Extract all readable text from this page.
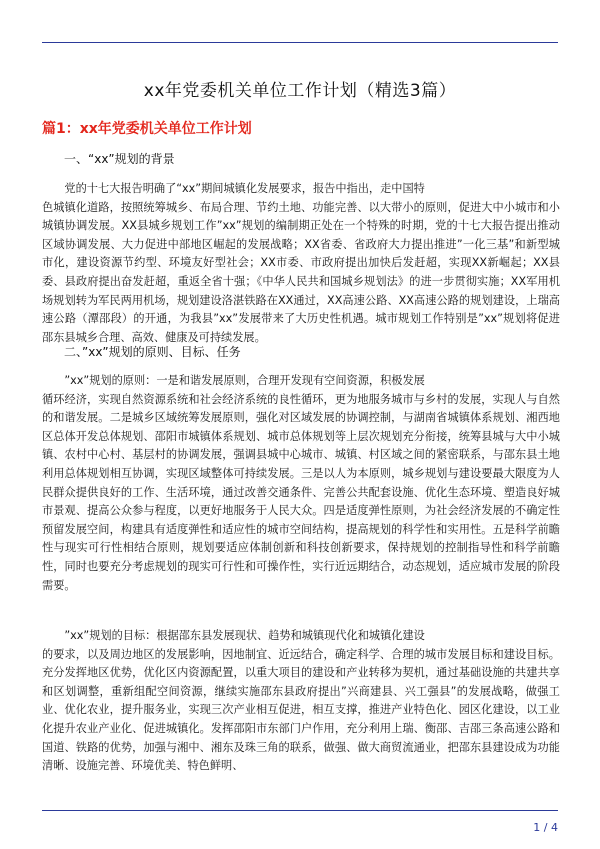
xx年党委机关单位工作计划（精选3篇）
篇1：xx年党委机关单位工作计划
一、“xx”规划的背景
　　党的十七大报告明确了“xx”期间城镇化发展要求，报告中指出，走中国特
色城镇化道路，按照统筹城乡、布局合理、节约土地、功能完善、以大带小的原则，促进大中小城市和小城镇协调发展。XX县城乡规划工作”xx”规划的编制期正处在一个特殊的时期，党的十七大报告提出推动区域协调发展、大力促进中部地区崛起的发展战略；XX省委、省政府大力提出推进”一化三基”和新型城市化，建设资源节约型、环境友好型社会；XX市委、市政府提出加快后发赶超，实现XX新崛起；XX县委、县政府提出奋发赶超，重返全省十强；《中华人民共和国城乡规划法》的进一步贯彻实施；XX军用机场规划转为军民两用机场，规划建设洛湛铁路在XX通过，XX高速公路、XX高速公路的规划建设，上瑞高速公路（潭邵段）的开通，为我县”xx”发展带来了大历史性机遇。城市规划工作特别是”xx”规划将促进邵东县城乡合理、高效、健康及可持续发展。
二、”xx”规划的原则、目标、任务
　　”xx”规划的原则：一是和谐发展原则，合理开发现有空间资源，积极发展
循环经济，实现自然资源系统和社会经济系统的良性循环，更为地服务城市与乡村的发展，实现人与自然的和谐发展。二是城乡区域统筹发展原则，强化对区域发展的协调控制，与湖南省城镇体系规划、湘西地区总体开发总体规划、邵阳市城镇体系规划、城市总体规划等上层次规划充分衔接，统筹县城与大中小城镇、农村中心村、基层村的协调发展，强调县城中心城市、城镇、村区域之间的紧密联系，与邵东县土地利用总体规划相互协调，实现区域整体可持续发展。三是以人为本原则，城乡规划与建设要最大限度为人民群众提供良好的工作、生活环境，通过改善交通条件、完善公共配套设施、优化生态环境、塑造良好城市景观、提高公众参与程度，以更好地服务于人民大众。四是适度弹性原则，为社会经济发展的不确定性预留发展空间，构建具有适度弹性和适应性的城市空间结构，提高规划的科学性和实用性。五是科学前瞻性与现实可行性相结合原则，规划要适应体制创新和科技创新要求，保持规划的控制指导性和科学前瞻性，同时也要充分考虑规划的现实可行性和可操作性，实行近远期结合，动态规划，适应城市发展的阶段需要。
　　”xx”规划的目标：根据邵东县发展现状、趋势和城镇现代化和城镇化建设
的要求，以及周边地区的发展影响，因地制宜、近远结合，确定科学、合理的城市发展目标和建设目标。充分发挥地区优势，优化区内资源配置，以重大项目的建设和产业转移为契机，通过基础设施的共建共享和区划调整，重新组配空间资源，继续实施邵东县政府提出”兴商建县、兴工强县”的发展战略，做强工业、优化农业，提升服务业，实现三次产业相互促进，相互支撑，推进产业特色化、园区化建设，以工业化提升农业产业化、促进城镇化。发挥邵阳市东部门户作用，充分利用上瑞、衡邵、吉邵三条高速公路和国道、铁路的优势，加强与湘中、湘东及珠三角的联系，做强、做大商贸流通业，把邵东县建设成为功能清晰、设施完善、环境优美、特色鲜明、
1 / 4
